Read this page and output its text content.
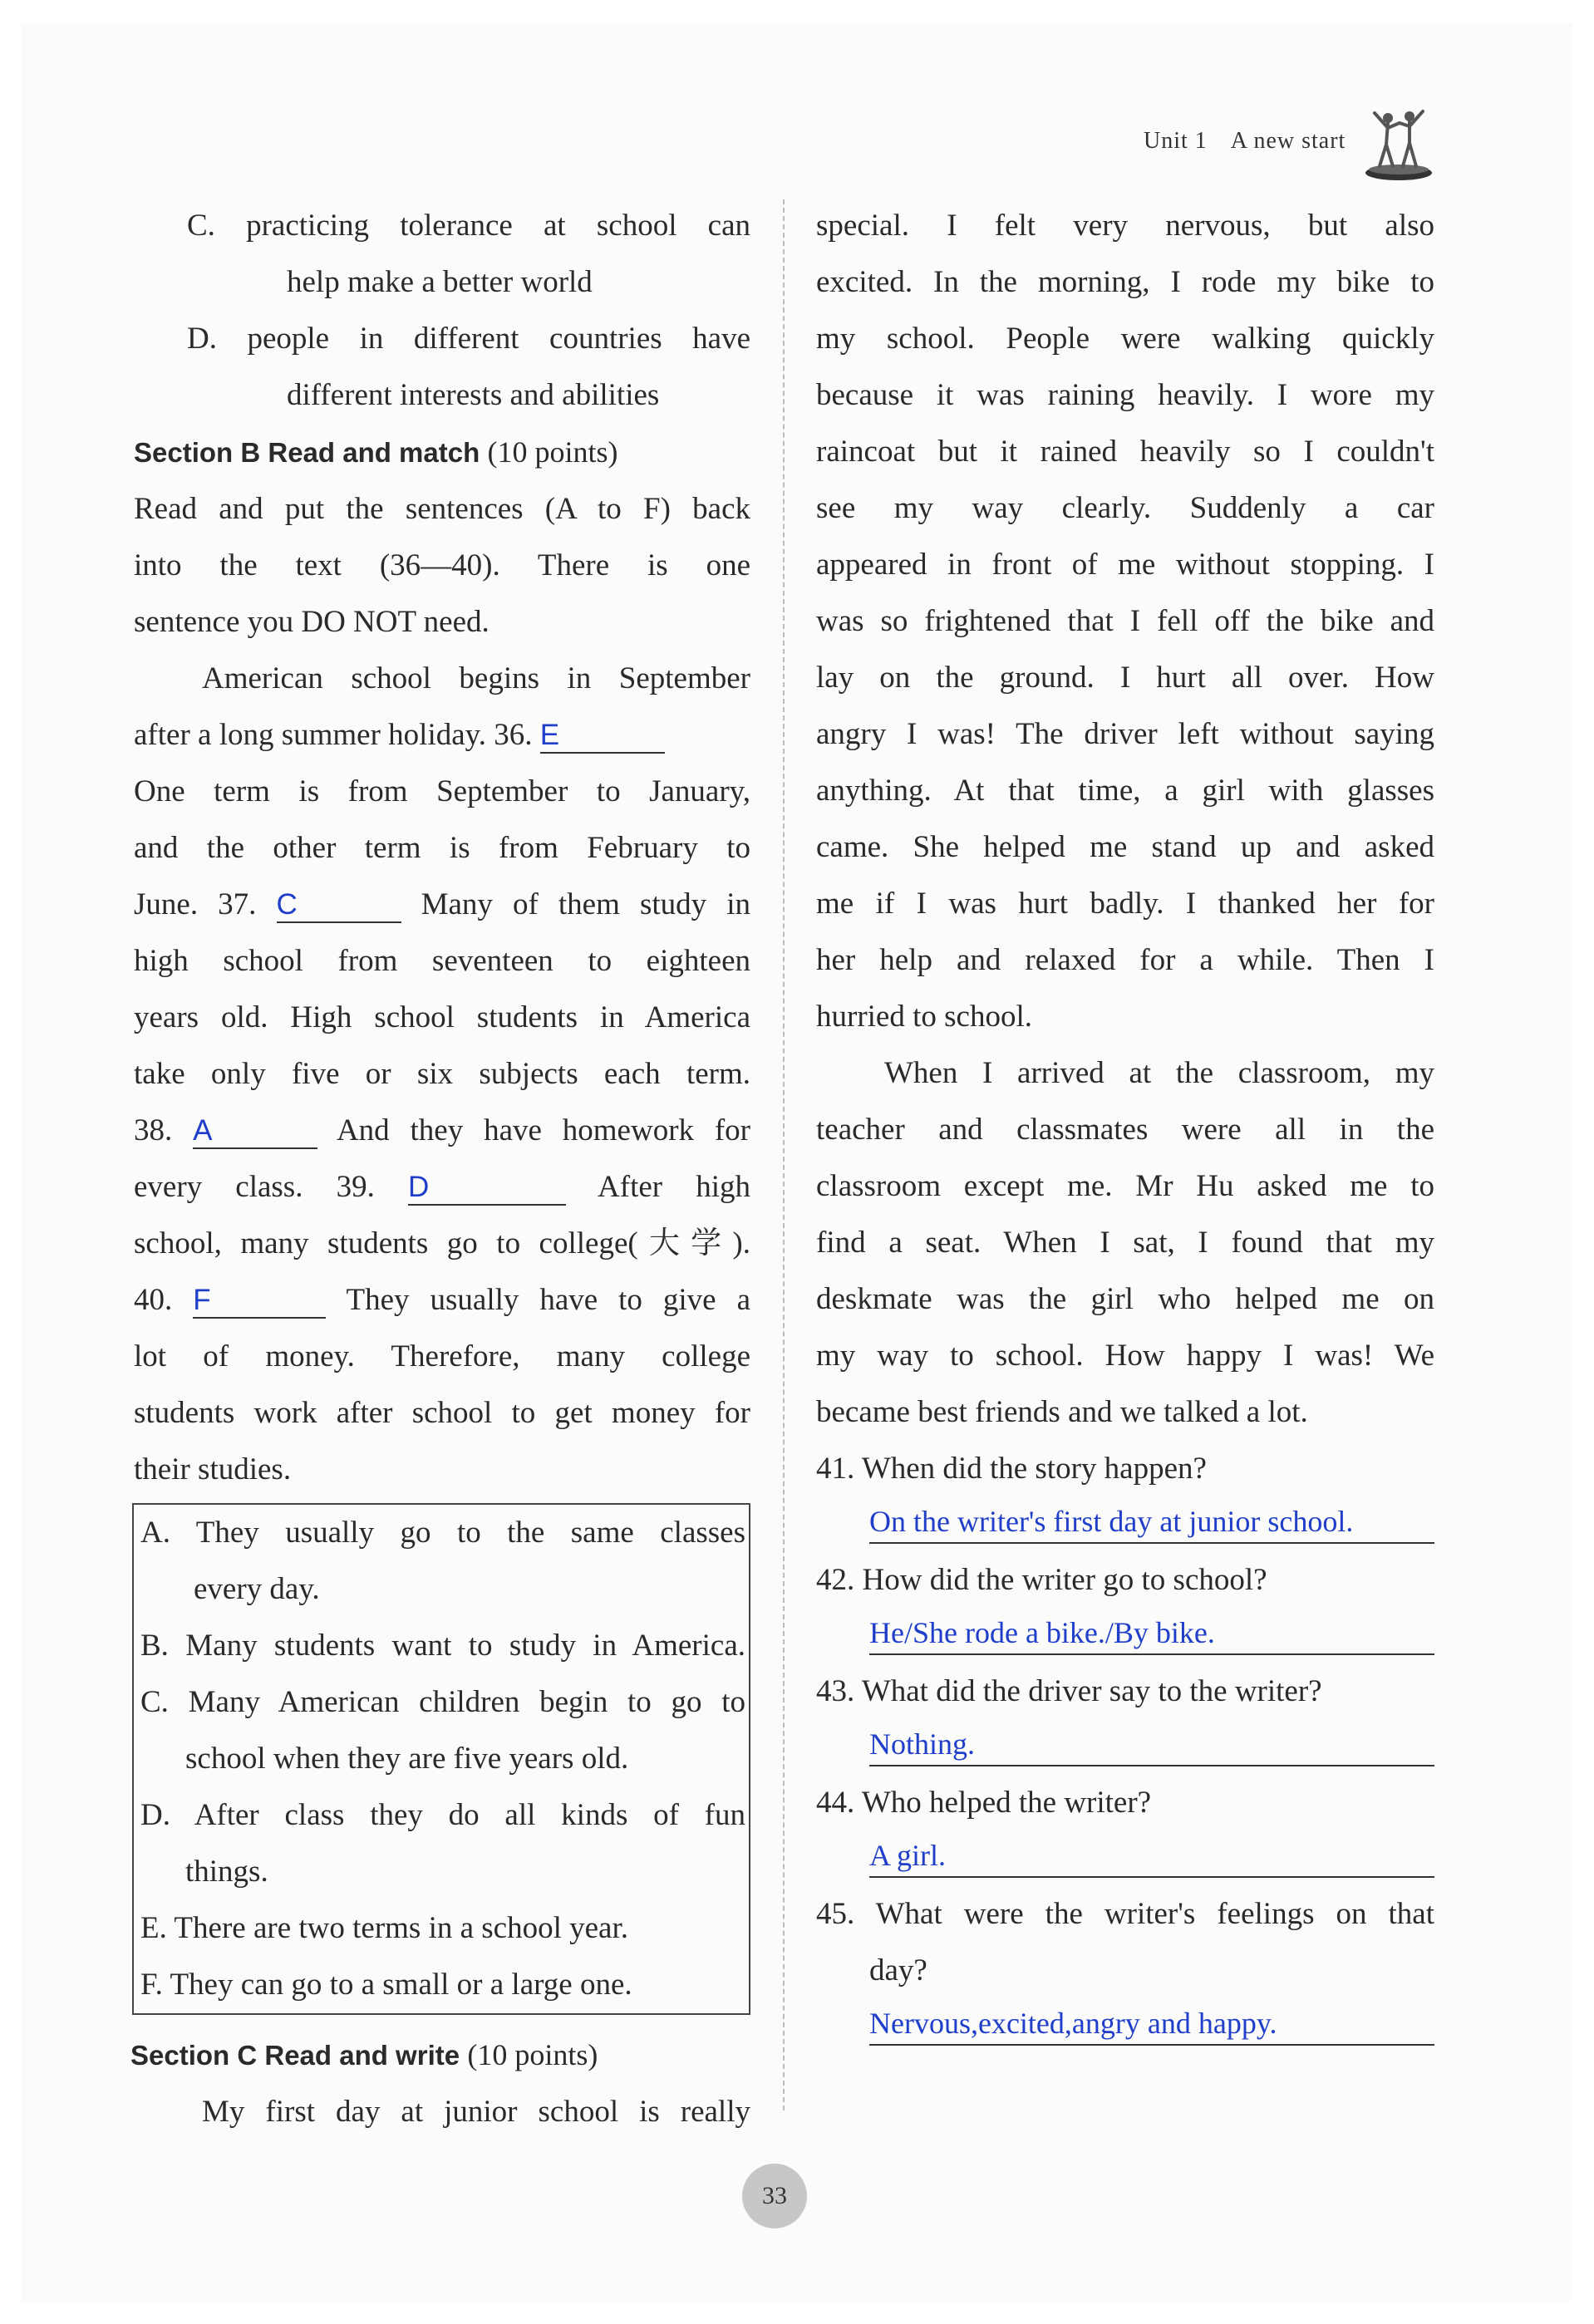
Unit 1 A new start

C. practicing tolerance at school can

help make a better world

D. people in different countries have

different interests and abilities

Section B Read and match (10 points)

Read and put the sentences (A to F) back

into the text (36—40). There is one

sentence you DO NOT need.

American school begins in September

after a long summer holiday. 36. E

One term is from September to January,

and the other term is from February to

June. 37. C	Many of them study in

high school from seventeen to eighteen

years old. High school students in America

take only five or six subjects each term.

38. A	And they have homework for

every class. 39. D	After high

school, many students go to college(大学).

40. F	They usually have to give a

lot of money. Therefore, many college

students work after school to get money for

their studies.

A. They usually go to the same classes

every day.

B. Many students want to study in America.

C. Many American children begin to go to

school when they are five years old.

D. After class they do all kinds of fun

things.

E. There are two terms in a school year.

F. They can go to a small or a large one.

Section C Read and write (10 points)

My first day at junior school is really

special. I felt very nervous, but also

excited. In the morning, I rode my bike to

my school. People were walking quickly

because it was raining heavily. I wore my

raincoat but it rained heavily so I couldn't

see my way clearly. Suddenly a car

appeared in front of me without stopping. I

was so frightened that I fell off the bike and

lay on the ground. I hurt all over. How

angry I was! The driver left without saying

anything. At that time, a girl with glasses

came. She helped me stand up and asked

me if I was hurt badly. I thanked her for

her help and relaxed for a while. Then I

hurried to school.

When I arrived at the classroom, my

teacher and classmates were all in the

classroom except me. Mr Hu asked me to

find a seat. When I sat, I found that my

deskmate was the girl who helped me on

my way to school. How happy I was! We

became best friends and we talked a lot.

41. When did the story happen?

On the writer's first day at junior school.

42. How did the writer go to school?

He/She rode a bike./By bike.

43. What did the driver say to the writer?

Nothing.

44. Who helped the writer?

A girl.

45. What were the writer's feelings on that

day?

Nervous,excited,angry and happy.
33
